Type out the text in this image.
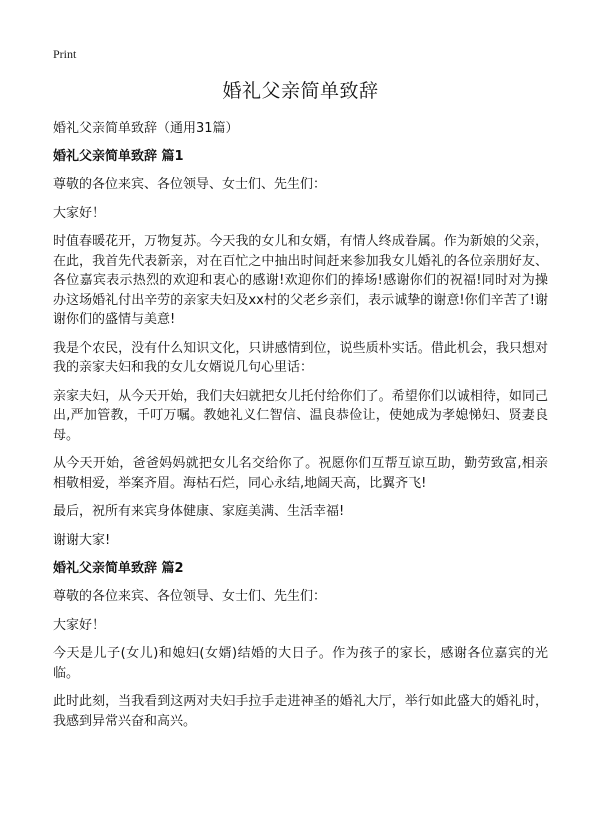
Print
婚礼父亲简单致辞
婚礼父亲简单致辞（通用31篇）
婚礼父亲简单致辞 篇1

尊敬的各位来宾、各位领导、女士们、先生们：

大家好！

时值春暖花开，万物复苏。今天我的女儿和女婿，有情人终成眷属。作为新娘的父亲，在此，我首先代表新亲，对在百忙之中抽出时间赶来参加我女儿婚礼的各位亲朋好友、各位嘉宾表示热烈的欢迎和衷心的感谢!欢迎你们的捧场!感谢你们的祝福!同时对为操办这场婚礼付出辛劳的亲家夫妇及xx村的父老乡亲们，表示诚挚的谢意!你们辛苦了!谢谢你们的盛情与美意!

我是个农民，没有什么知识文化，只讲感情到位，说些质朴实话。借此机会，我只想对我的亲家夫妇和我的女儿女婿说几句心里话：

亲家夫妇，从今天开始，我们夫妇就把女儿托付给你们了。希望你们以诚相待，如同己出,严加管教，千叮万嘱。教她礼义仁智信、温良恭俭让，使她成为孝媳悌妇、贤妻良母。

从今天开始，爸爸妈妈就把女儿名交给你了。祝愿你们互帮互谅互助，勤劳致富,相亲相敬相爱，举案齐眉。海枯石烂，同心永结,地阔天高，比翼齐飞!

最后，祝所有来宾身体健康、家庭美满、生活幸福!

谢谢大家!

婚礼父亲简单致辞 篇2

尊敬的各位来宾、各位领导、女士们、先生们：

大家好！

今天是儿子(女儿)和媳妇(女婿)结婚的大日子。作为孩子的家长，感谢各位嘉宾的光临。

此时此刻，当我看到这两对夫妇手拉手走进神圣的婚礼大厅，举行如此盛大的婚礼时，我感到异常兴奋和高兴。
